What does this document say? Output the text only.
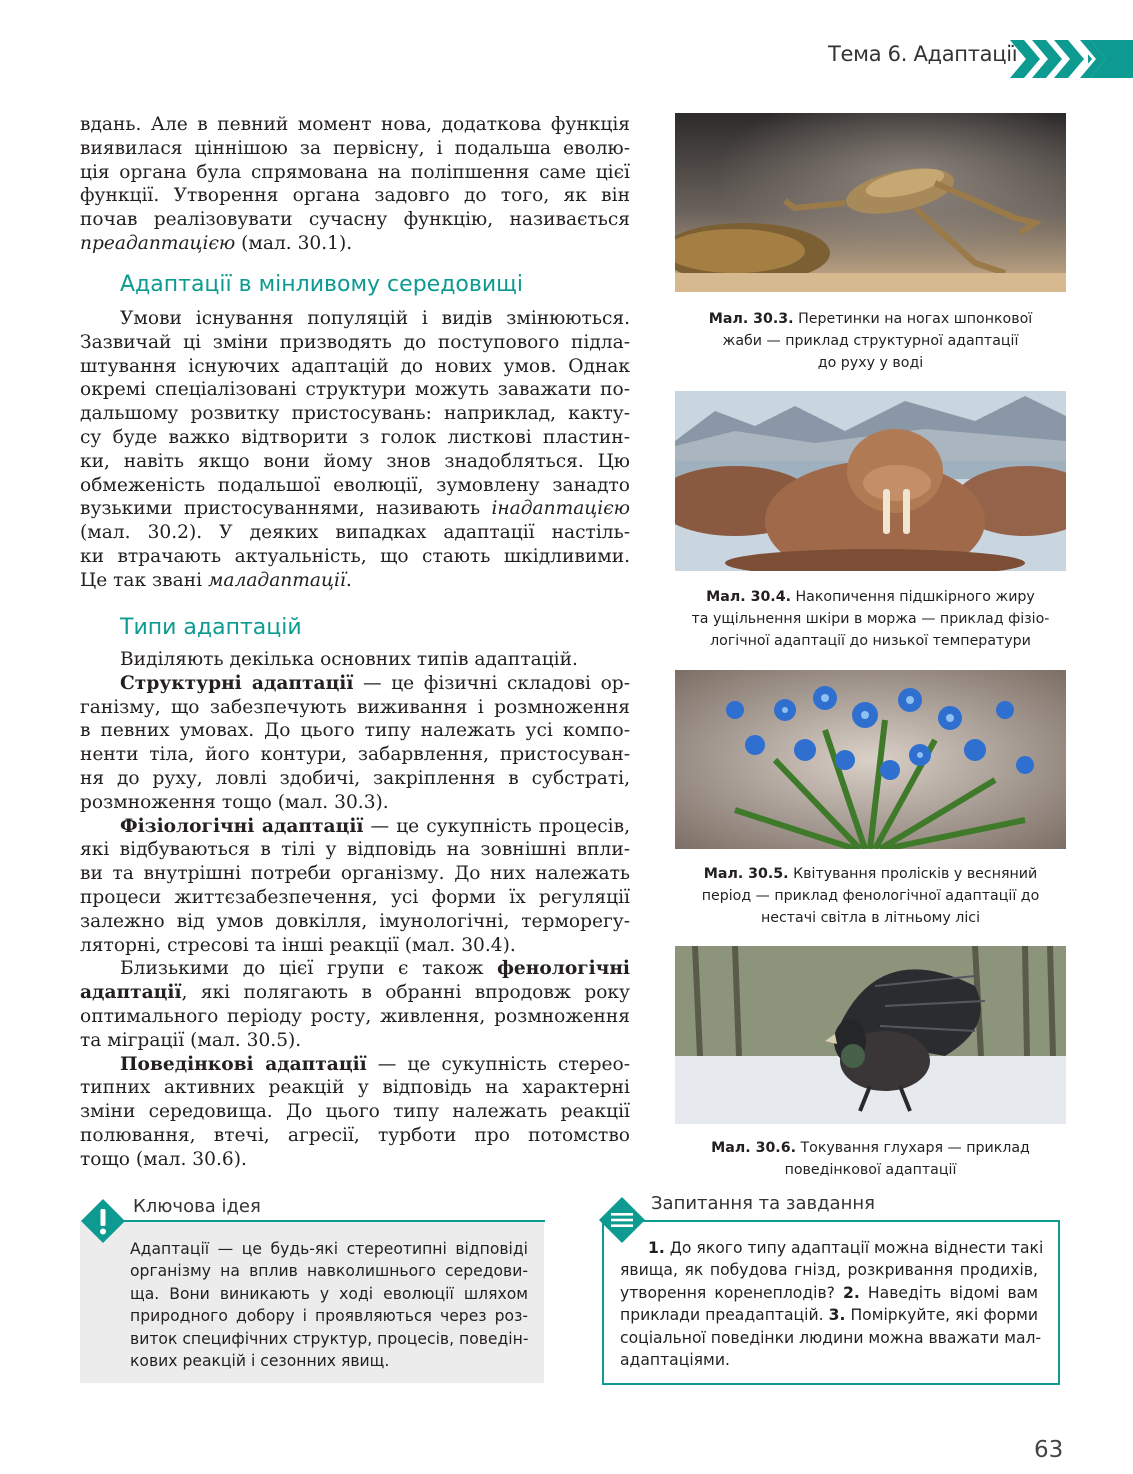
Тема 6. Адаптації
вдань. Але в певний момент нова, додаткова функція
виявилася ціннішою за первісну, і подальша еволю-
ція органа була спрямована на поліпшення саме цієї
функції. Утворення органа задовго до того, як він
почав реалізовувати сучасну функцію, називається
преадаптацією (мал. 30.1).
Адаптації в мінливому середовищі
Умови існування популяцій і видів змінюються.
Зазвичай ці зміни призводять до поступового підла-
штування існуючих адаптацій до нових умов. Однак
окремі спеціалізовані структури можуть заважати по-
дальшому розвитку пристосувань: наприклад, какту-
су буде важко відтворити з голок листкові пластин-
ки, навіть якщо вони йому знов знадобляться. Цю
обмеженість подальшої еволюції, зумовлену занадто
вузькими пристосуваннями, називають інадаптацією
(мал. 30.2). У деяких випадках адаптації настіль-
ки втрачають актуальність, що стають шкідливими.
Це так звані маладаптації.
Типи адаптацій
Виділяють декілька основних типів адаптацій.
Структурні адаптації — це фізичні складові ор-
ганізму, що забезпечують виживання і розмноження
в певних умовах. До цього типу належать усі компо-
ненти тіла, його контури, забарвлення, пристосуван-
ня до руху, ловлі здобичі, закріплення в субстраті,
розмноження тощо (мал. 30.3).
Фізіологічні адаптації — це сукупність процесів,
які відбуваються в тілі у відповідь на зовнішні впли-
ви та внутрішні потреби організму. До них належать
процеси життєзабезпечення, усі форми їх регуляції
залежно від умов довкілля, імунологічні, терморегу-
ляторні, стресові та інші реакції (мал. 30.4).
Близькими до цієї групи є також фенологічні
адаптації, які полягають в обранні впродовж року
оптимального періоду росту, живлення, розмноження
та міграції (мал. 30.5).
Поведінкові адаптації — це сукупність стерео-
типних активних реакцій у відповідь на характерні
зміни середовища. До цього типу належать реакції
полювання, втечі, агресії, турботи про потомство
тощо (мал. 30.6).
Мал. 30.3. Перетинки на ногах шпонкової
жаби — приклад структурної адаптації
до руху у воді
Мал. 30.4. Накопичення підшкірного жиру
та ущільнення шкіри в моржа — приклад фізіо-
логічної адаптації до низької температури
Мал. 30.5. Квітування пролісків у весняний
період — приклад фенологічної адаптації до
нестачі світла в літньому лісі
Мал. 30.6. Токування глухаря — приклад
поведінкової адаптації
Ключова ідея
Адаптації — це будь-які стереотипні відповіді
організму на вплив навколишнього середови-
ща. Вони виникають у ході еволюції шляхом
природного добору і проявляються через роз-
виток специфічних структур, процесів, поведін-
кових реакцій і сезонних явищ.
Запитання та завдання
1. До якого типу адаптації можна віднести такі
явища, як побудова гнізд, розкривання продихів,
утворення коренеплодів? 2. Наведіть відомі вам
приклади преадаптацій. 3. Поміркуйте, які форми
соціальної поведінки людини можна вважати мал-
адаптаціями.
63
